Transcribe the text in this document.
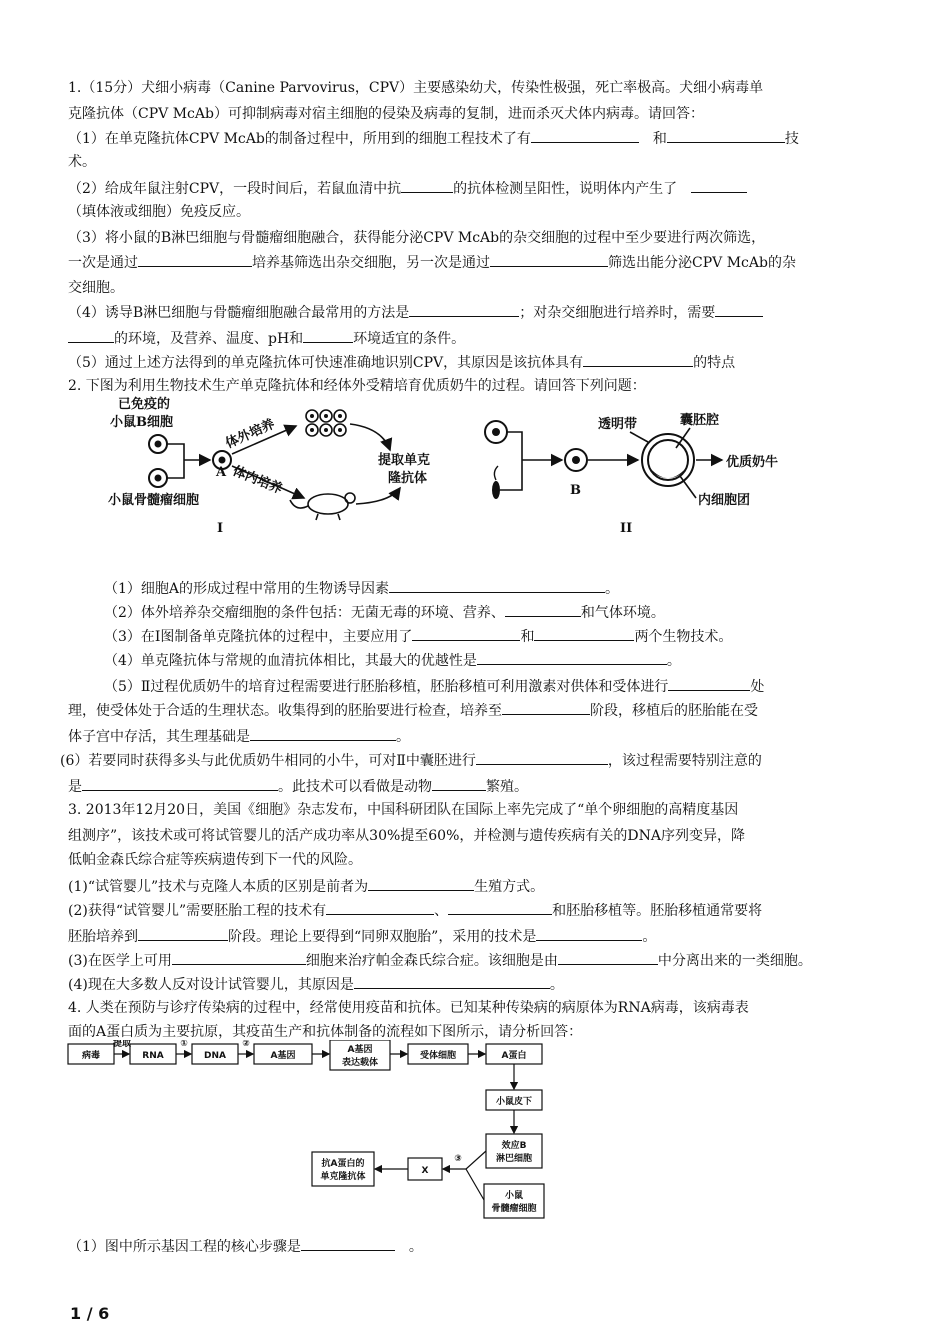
1.（15分）犬细小病毒（Canine Parvovirus，CPV）主要感染幼犬，传染性极强，死亡率极高。犬细小病毒单
克隆抗体（CPV McAb）可抑制病毒对宿主细胞的侵染及病毒的复制，进而杀灭犬体内病毒。请回答：
（1）在单克隆抗体CPV McAb的制备过程中，所用到的细胞工程技术了有　	和	技
术。
（2）给成年鼠注射CPV，一段时间后，若鼠血清中抗	的抗体检测呈阳性，说明体内产生了　
（填体液或细胞）免疫反应。
（3）将小鼠的B淋巴细胞与骨髓瘤细胞融合，获得能分泌CPV McAb的杂交细胞的过程中至少要进行两次筛选，
一次是通过	培养基筛选出杂交细胞，另一次是通过	筛选出能分泌CPV McAb的杂
交细胞。
（4）诱导B淋巴细胞与骨髓瘤细胞融合最常用的方法是	；对杂交细胞进行培养时，需要
的环境，及营养、温度、pH和	环境适宜的条件。
（5）通过上述方法得到的单克隆抗体可快速准确地识别CPV，其原因是该抗体具有	的特点
2. 下图为利用生物技术生产单克隆抗体和经体外受精培育优质奶牛的过程。请回答下列问题：
已免疫的
小鼠B细胞
小鼠骨髓瘤细胞
A
体外培养
体内培养
提取单克
隆抗体
I
透明带	囊胚腔
B
优质奶牛
内细胞团
II
（1）细胞A的形成过程中常用的生物诱导因素	。
（2）体外培养杂交瘤细胞的条件包括：无菌无毒的环境、营养、	和气体环境。
（3）在Ⅰ图制备单克隆抗体的过程中，主要应用了	和	两个生物技术。
（4）单克隆抗体与常规的血清抗体相比，其最大的优越性是	。
（5）Ⅱ过程优质奶牛的培育过程需要进行胚胎移植，胚胎移植可利用激素对供体和受体进行	处
理，使受体处于合适的生理状态。收集得到的胚胎要进行检查，培养至	阶段，移植后的胚胎能在受
体子宫中存活，其生理基础是	。
(6）若要同时获得多头与此优质奶牛相同的小牛，可对Ⅱ中囊胚进行	，该过程需要特别注意的
是	。此技术可以看做是动物	繁殖。
3. 2013年12月20日，美国《细胞》杂志发布，中国科研团队在国际上率先完成了“单个卵细胞的高精度基因
组测序”，该技术或可将试管婴儿的活产成功率从30%提至60%，并检测与遗传疾病有关的DNA序列变异，降
低帕金森氏综合症等疾病遗传到下一代的风险。
(1)“试管婴儿”技术与克隆人本质的区别是前者为	生殖方式。
(2)获得“试管婴儿”需要胚胎工程的技术有	、	和胚胎移植等。胚胎移植通常要将
胚胎培养到	阶段。理论上要得到“同卵双胞胎”，采用的技术是	。
(3)在医学上可用	细胞来治疗帕金森氏综合症。该细胞是由	中分离出来的一类细胞。
(4)现在大多数人反对设计试管婴儿，其原因是	。
4. 人类在预防与诊疗传染病的过程中，经常使用疫苗和抗体。已知某种传染病的病原体为RNA病毒，该病毒表
面的A蛋白质为主要抗原，其疫苗生产和抗体制备的流程如下图所示，请分析回答：
病毒
提取
RNA
①
DNA
②
A基因
A基因
表达载体
受体细胞	A蛋白
小鼠皮下
效应B
淋巴细胞
③
X
抗A蛋白的
单克隆抗体
小鼠
骨髓瘤细胞
（1）图中所示基因工程的核心步骤是　	。
1 / 6
